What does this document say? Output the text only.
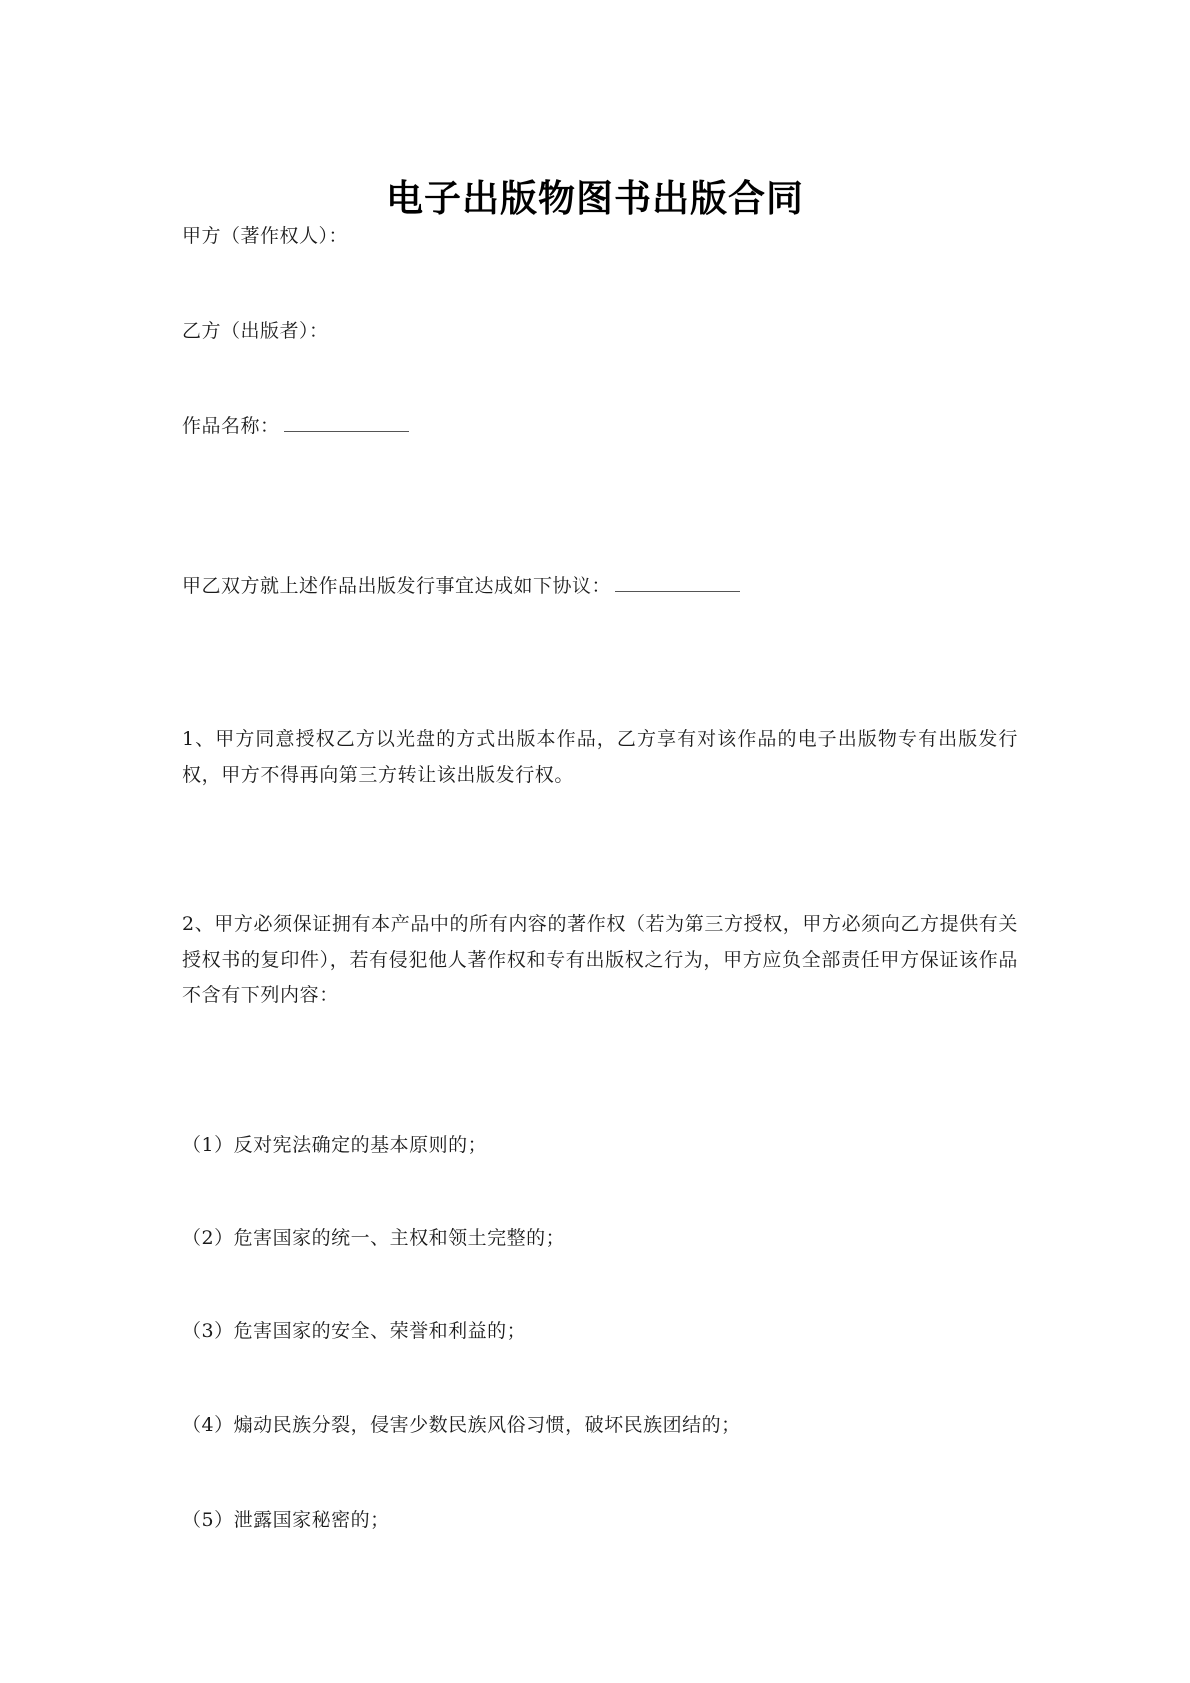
电子出版物图书出版合同
甲方（著作权人）：
乙方（出版者）：
作品名称：
甲乙双方就上述作品出版发行事宜达成如下协议：
1、甲方同意授权乙方以光盘的方式出版本作品，乙方享有对该作品的电子出版物专有出版发行权，甲方不得再向第三方转让该出版发行权。
2、甲方必须保证拥有本产品中的所有内容的著作权（若为第三方授权，甲方必须向乙方提供有关授权书的复印件），若有侵犯他人著作权和专有出版权之行为，甲方应负全部责任甲方保证该作品不含有下列内容：
（1）反对宪法确定的基本原则的；
（2）危害国家的统一、主权和领土完整的；
（3）危害国家的安全、荣誉和利益的；
（4）煽动民族分裂，侵害少数民族风俗习惯，破坏民族团结的；
（5）泄露国家秘密的；
